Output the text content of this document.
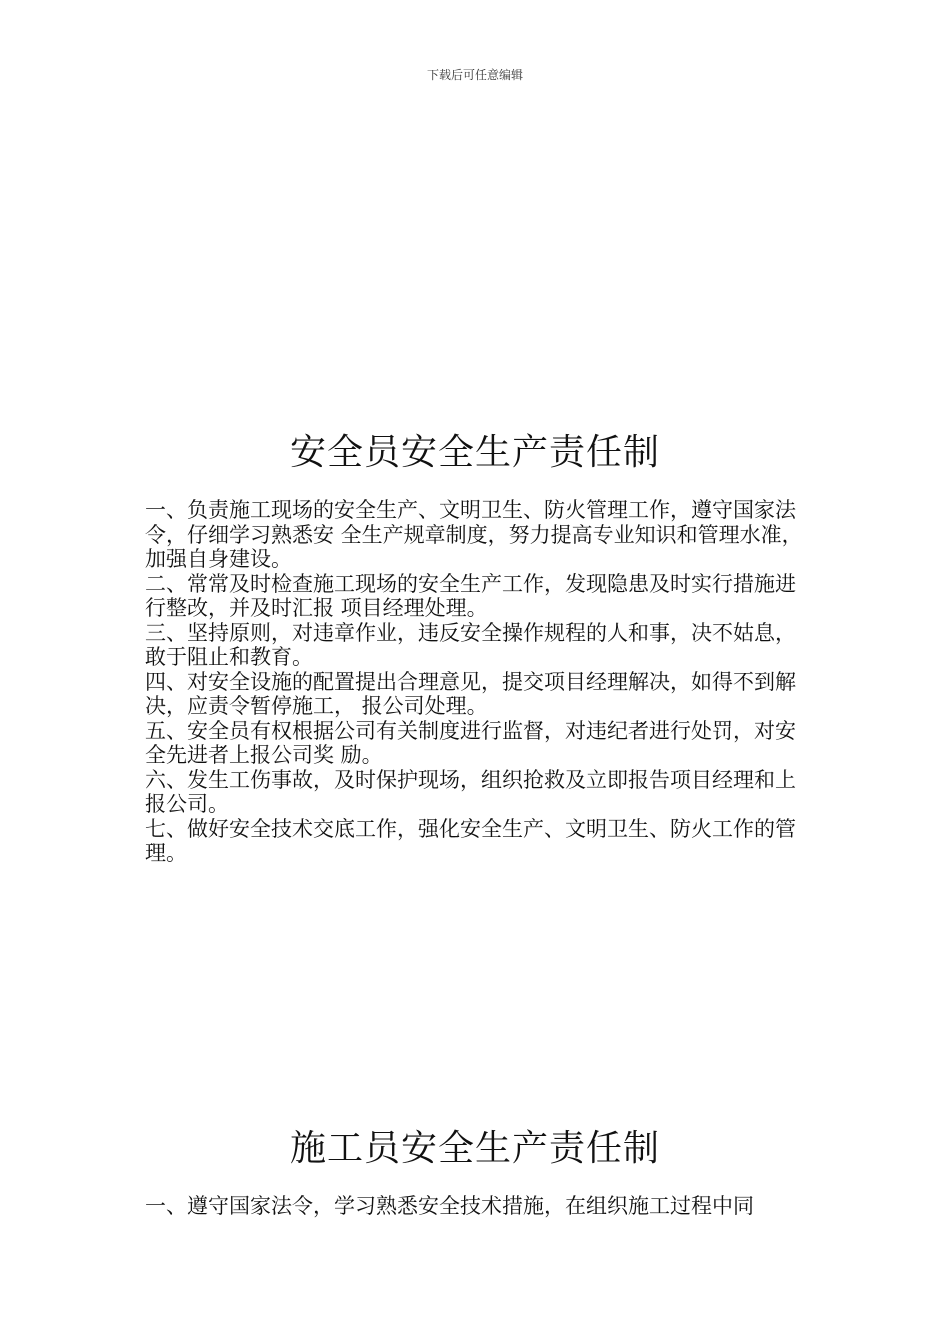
下载后可任意编辑
安全员安全生产责任制

一、负责施工现场的安全生产、文明卫生、防火管理工作，遵守国家法令，仔细学习熟悉安 全生产规章制度，努力提高专业知识和管理水准，加强自身建设。

二、常常及时检查施工现场的安全生产工作，发现隐患及时实行措施进行整改，并及时汇报 项目经理处理。

三、坚持原则，对违章作业，违反安全操作规程的人和事，决不姑息，敢于阻止和教育。

四、对安全设施的配置提出合理意见，提交项目经理解决，如得不到解决，应责令暂停施工， 报公司处理。

五、安全员有权根据公司有关制度进行监督，对违纪者进行处罚，对安全先进者上报公司奖 励。

六、发生工伤事故，及时保护现场，组织抢救及立即报告项目经理和上报公司。

七、做好安全技术交底工作，强化安全生产、文明卫生、防火工作的管理。

施工员安全生产责任制

一、遵守国家法令，学习熟悉安全技术措施，在组织施工过程中同
